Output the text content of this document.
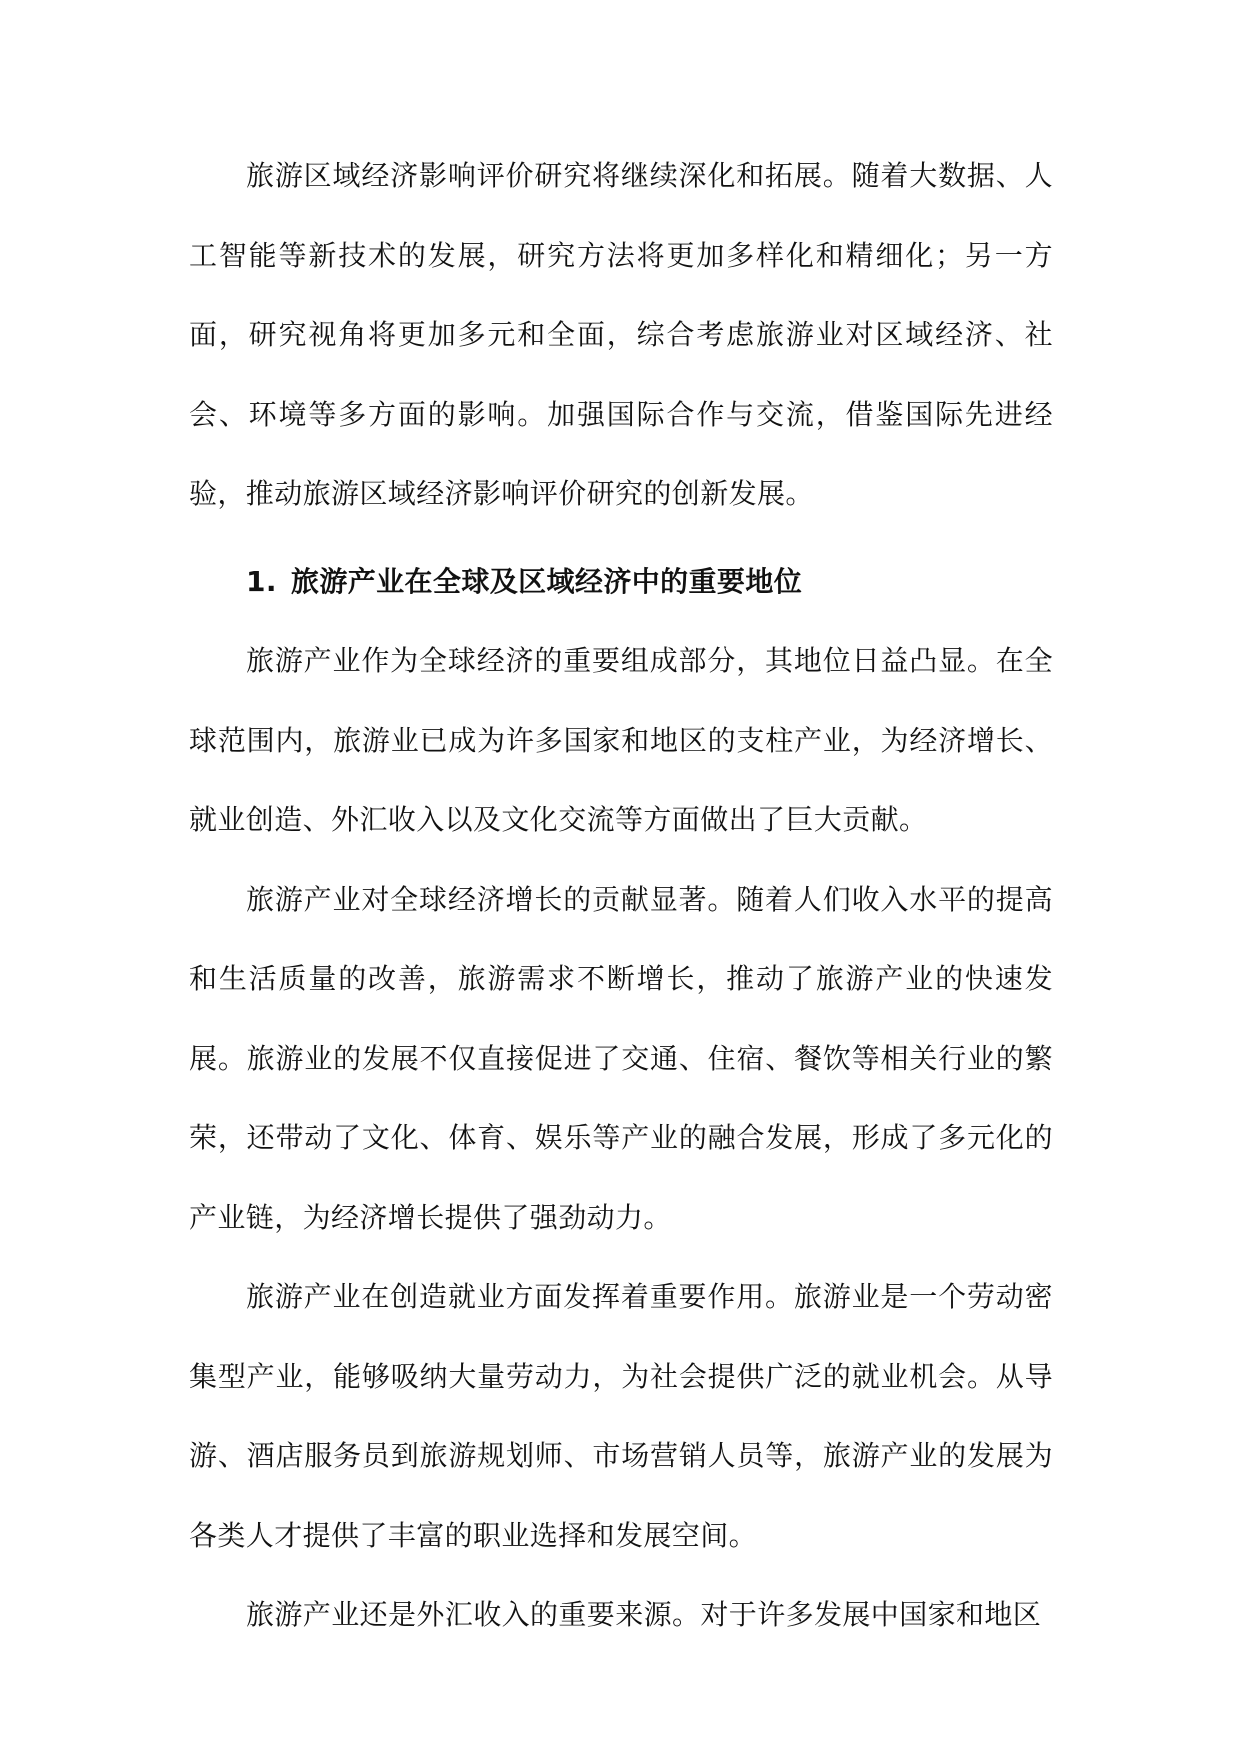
旅游区域经济影响评价研究将继续深化和拓展。随着大数据、人工智能等新技术的发展，研究方法将更加多样化和精细化；另一方面，研究视角将更加多元和全面，综合考虑旅游业对区域经济、社会、环境等多方面的影响。加强国际合作与交流，借鉴国际先进经验，推动旅游区域经济影响评价研究的创新发展。

1. 旅游产业在全球及区域经济中的重要地位

旅游产业作为全球经济的重要组成部分，其地位日益凸显。在全球范围内，旅游业已成为许多国家和地区的支柱产业，为经济增长、就业创造、外汇收入以及文化交流等方面做出了巨大贡献。

旅游产业对全球经济增长的贡献显著。随着人们收入水平的提高和生活质量的改善，旅游需求不断增长，推动了旅游产业的快速发展。旅游业的发展不仅直接促进了交通、住宿、餐饮等相关行业的繁荣，还带动了文化、体育、娱乐等产业的融合发展，形成了多元化的产业链，为经济增长提供了强劲动力。

旅游产业在创造就业方面发挥着重要作用。旅游业是一个劳动密集型产业，能够吸纳大量劳动力，为社会提供广泛的就业机会。从导游、酒店服务员到旅游规划师、市场营销人员等，旅游产业的发展为各类人才提供了丰富的职业选择和发展空间。

旅游产业还是外汇收入的重要来源。对于许多发展中国家和地区
